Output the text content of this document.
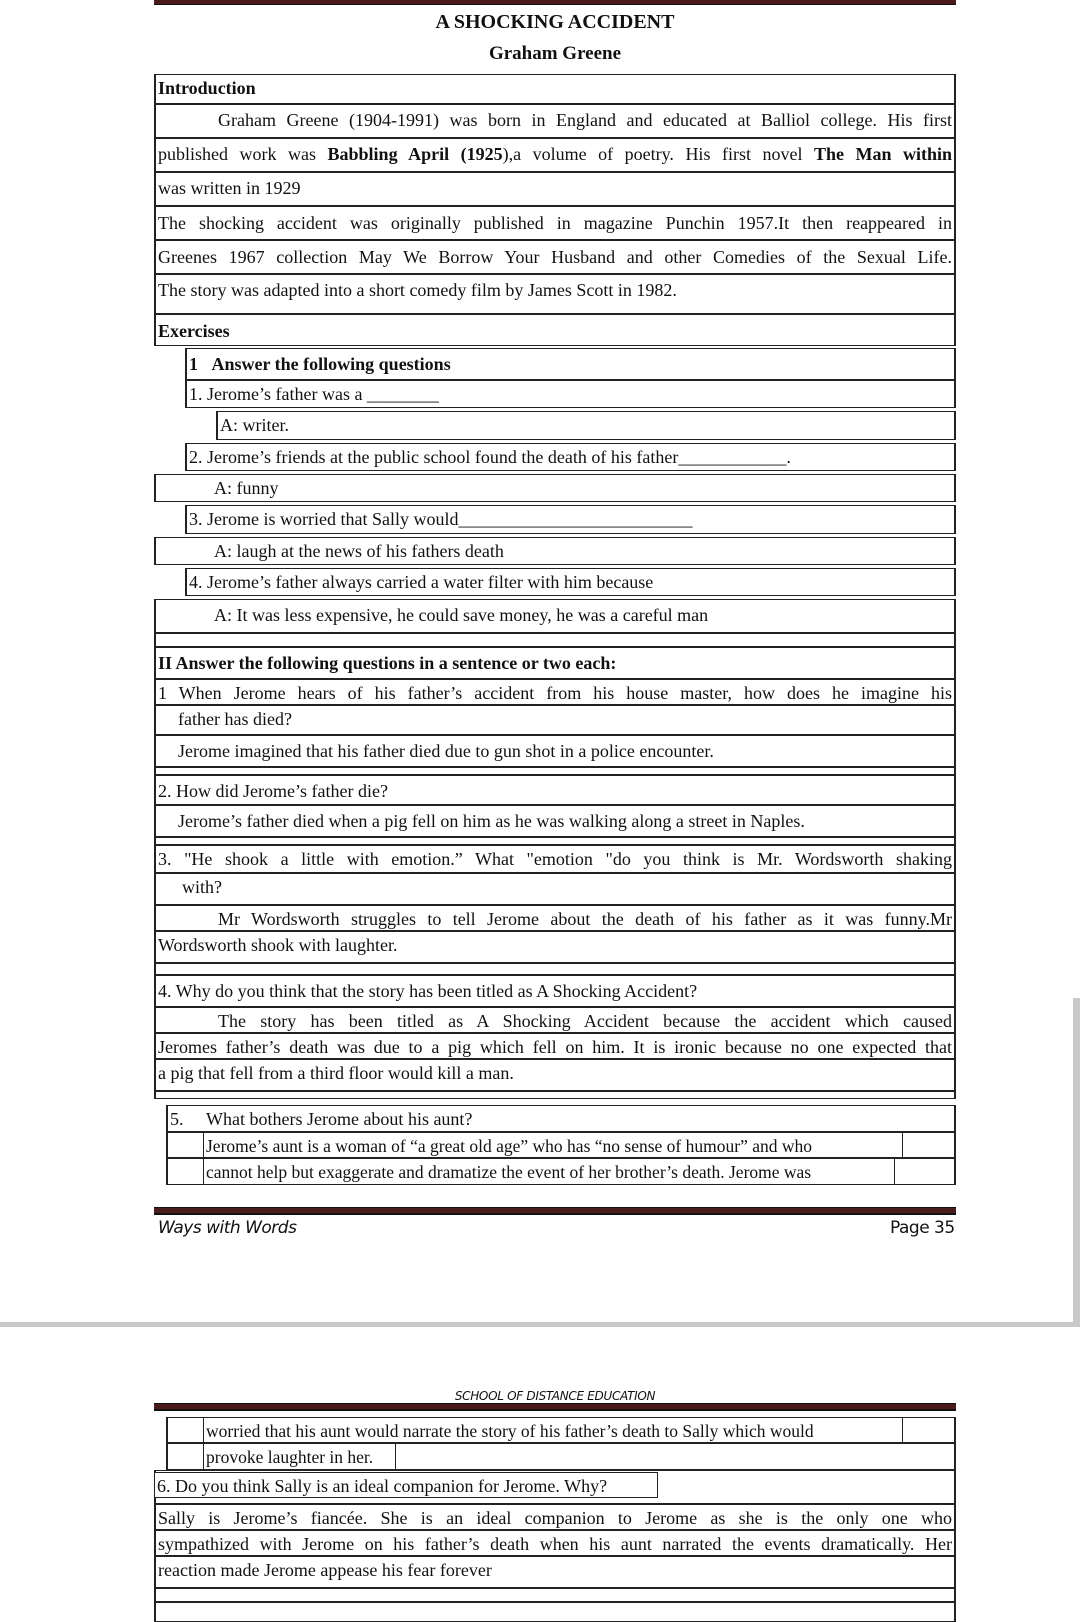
A SHOCKING ACCIDENT
Graham Greene
Introduction
Graham Greene (1904-1991) was born in England and educated at Balliol college. His first
published work was Babbling April (1925),a volume of poetry. His first novel The Man within
was written in 1929
The shocking accident was originally published in magazine Punchin 1957.It then reappeared in
Greenes 1967 collection May We Borrow Your Husband and other Comedies of the Sexual Life.
The story was adapted into a short comedy film by James Scott in 1982.
Exercises
1 Answer the following questions
1. Jerome’s father was a ________
A: writer.
2. Jerome’s friends at the public school found the death of his father____________.
A: funny
3. Jerome is worried that Sally would__________________________
A: laugh at the news of his fathers death
4. Jerome’s father always carried a water filter with him because
A: It was less expensive, he could save money, he was a careful man
II Answer the following questions in a sentence or two each:
1 When Jerome hears of his father’s accident from his house master, how does he imagine his
father has died?
Jerome imagined that his father died due to gun shot in a police encounter.
2. How did Jerome’s father die?
Jerome’s father died when a pig fell on him as he was walking along a street in Naples.
3. "He shook a little with emotion.” What "emotion "do you think is Mr. Wordsworth shaking
with?
Mr Wordsworth struggles to tell Jerome about the death of his father as it was funny.Mr
Wordsworth shook with laughter.
4. Why do you think that the story has been titled as A Shocking Accident?
The story has been titled as A Shocking Accident because the accident which caused
Jeromes father’s death was due to a pig which fell on him. It is ironic because no one expected that
a pig that fell from a third floor would kill a man.
5. What bothers Jerome about his aunt?
Jerome’s aunt is a woman of “a great old age” who has “no sense of humour” and who
cannot help but exaggerate and dramatize the event of her brother’s death. Jerome was
Ways with Words	Page 35
SCHOOL OF DISTANCE EDUCATION
worried that his aunt would narrate the story of his father’s death to Sally which would
provoke laughter in her.
6. Do you think Sally is an ideal companion for Jerome. Why?
Sally is Jerome’s fiancée. She is an ideal companion to Jerome as she is the only one who
sympathized with Jerome on his father’s death when his aunt narrated the events dramatically. Her
reaction made Jerome appease his fear forever
